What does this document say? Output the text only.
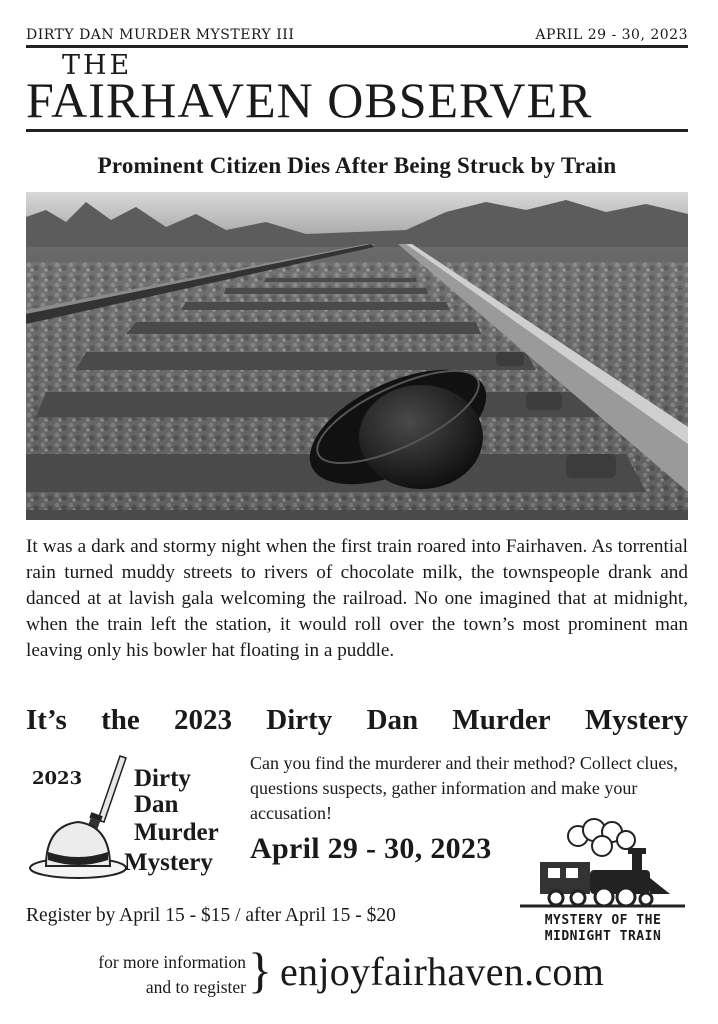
DIRTY DAN MURDER MYSTERY III	APRIL 29 - 30, 2023
THE
FAIRHAVEN OBSERVER
Prominent Citizen Dies After Being Struck by Train
It was a dark and stormy night when the first train roared into Fairhaven. As torrential rain turned muddy streets to rivers of chocolate milk, the townspeople drank and danced at at lavish gala welcoming the railroad. No one imagined that at midnight, when the train left the station, it would roll over the town’s most prominent man leaving only his bowler hat floating in a puddle.
It’s the 2023 Dirty Dan Murder Mystery
2023 Dirty
Dan
Murder
Mystery
Can you find the murderer and their method? Collect clues, questions suspects, gather information and make your accusation!
April 29 - 30, 2023
MYSTERY OF THE
MIDNIGHT TRAIN
Register by April 15 - $15 / after April 15 - $20
for more information
and to register } enjoyfairhaven.com
